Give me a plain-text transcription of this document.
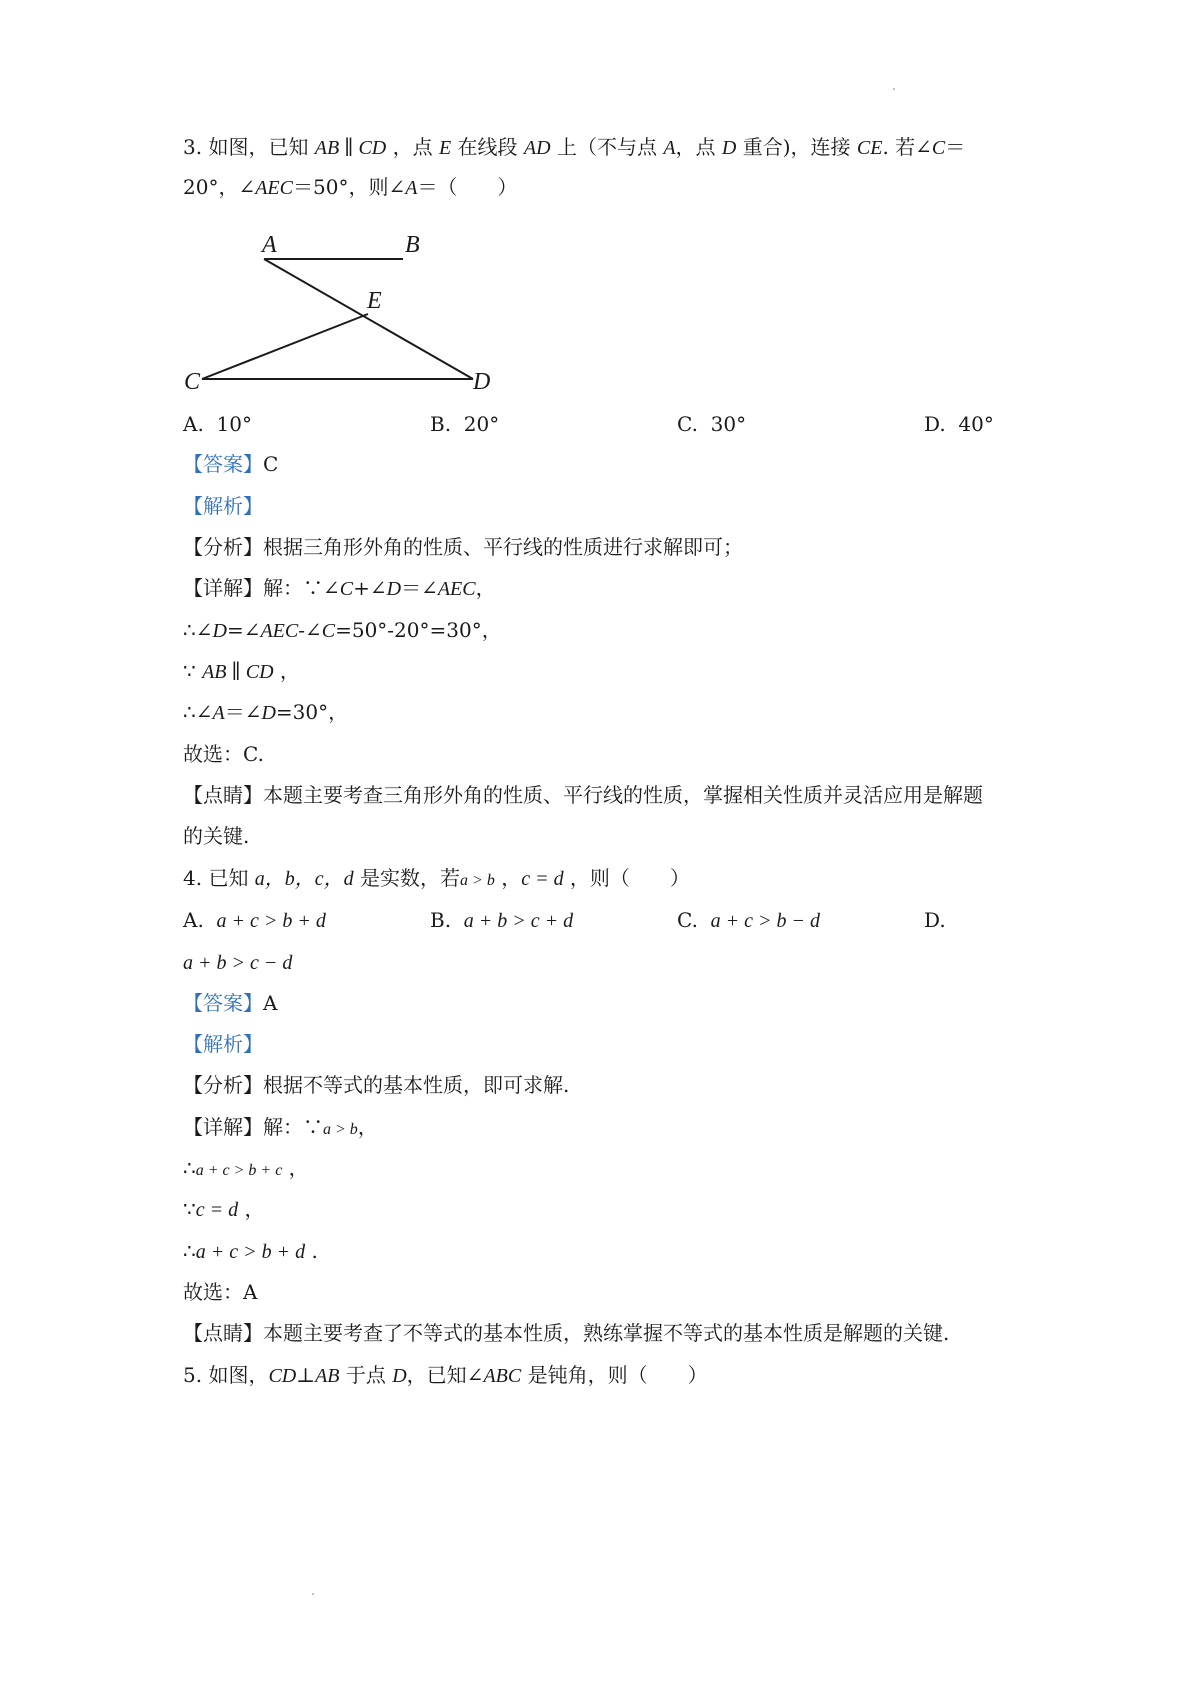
3. 如图，已知 AB ∥ CD ，点 E 在线段 AD 上（不与点 A，点 D 重合)，连接 CE. 若∠C＝
20°，∠AEC＝50°，则∠A＝（　　）
A	B
E
C	D
A. 10°	B. 20°	C. 30°	D. 40°
【答案】C
【解析】
【分析】根据三角形外角的性质、平行线的性质进行求解即可；
【详解】解：∵∠C+∠D＝∠AEC，
∴∠D=∠AEC-∠C=50°-20°=30°，
∵ AB ∥ CD ，
∴∠A＝∠D=30°，
故选：C.
【点睛】本题主要考查三角形外角的性质、平行线的性质，掌握相关性质并灵活应用是解题
的关键.
4. 已知 a，b，c，d 是实数，若a > b ，c = d ，则（　　）
A. a + c > b + d	B. a + b > c + d	C. a + c > b − d	D.
a + b > c − d
【答案】A
【解析】
【分析】根据不等式的基本性质，即可求解.
【详解】解：∵a > b，
∴a + c > b + c ，
∵c = d ，
∴a + c > b + d .
故选：A
【点睛】本题主要考查了不等式的基本性质，熟练掌握不等式的基本性质是解题的关键.
5. 如图，CD⊥AB 于点 D，已知∠ABC 是钝角，则（　　）
